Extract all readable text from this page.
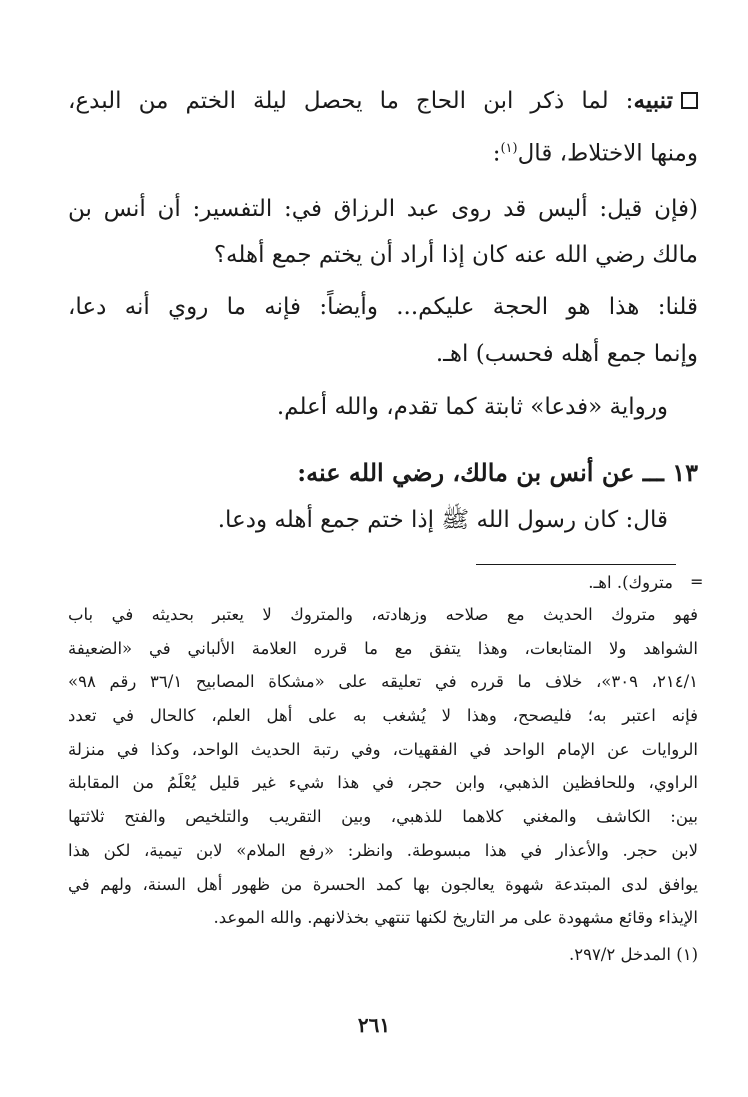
تنبيه: لما ذكر ابن الحاج ما يحصل ليلة الختم من البدع،
ومنها الاختلاط، قال$^{(١)}$:
(فإن قيل: أليس قد روى عبد الرزاق في: التفسير: أن أنس بن
مالك رضي الله عنه كان إذا أراد أن يختم جمع أهله؟
قلنا: هذا هو الحجة عليكم... وأيضاً: فإنه ما روي أنه دعا،
وإنما جمع أهله فحسب) اهـ.
ورواية «فدعا» ثابتة كما تقدم، والله أعلم.
١٣ ـــ عن أنس بن مالك، رضي الله عنه:
قال: كان رسول الله ﷺ إذا ختم جمع أهله ودعا.
=
متروك). اهـ.
فهو متروك الحديث مع صلاحه وزهادته، والمتروك لا يعتبر بحديثه في باب
الشواهد ولا المتابعات، وهذا يتفق مع ما قرره العلامة الألباني في «الضعيفة
٢١٤/١، ٣٠٩»، خلاف ما قرره في تعليقه على «مشكاة المصابيح ٣٦/١ رقم ٩٨»
فإنه اعتبر به؛ فليصحح، وهذا لا يُشغب به على أهل العلم، كالحال في تعدد
الروايات عن الإمام الواحد في الفقهيات، وفي رتبة الحديث الواحد، وكذا في منزلة
الراوي، وللحافظين الذهبي، وابن حجر، في هذا شيء غير قليل يُعْلَمُ من المقابلة
بين: الكاشف والمغني كلاهما للذهبي، وبين التقريب والتلخيص والفتح ثلاثتها
لابن حجر. والأعذار في هذا مبسوطة. وانظر: «رفع الملام» لابن تيمية، لكن هذا
يوافق لدى المبتدعة شهوة يعالجون بها كمد الحسرة من ظهور أهل السنة، ولهم في
الإيذاء وقائع مشهودة على مر التاريخ لكنها تنتهي بخذلانهم. والله الموعد.
(١) المدخل ٢٩٧/٢.
٢٦١
